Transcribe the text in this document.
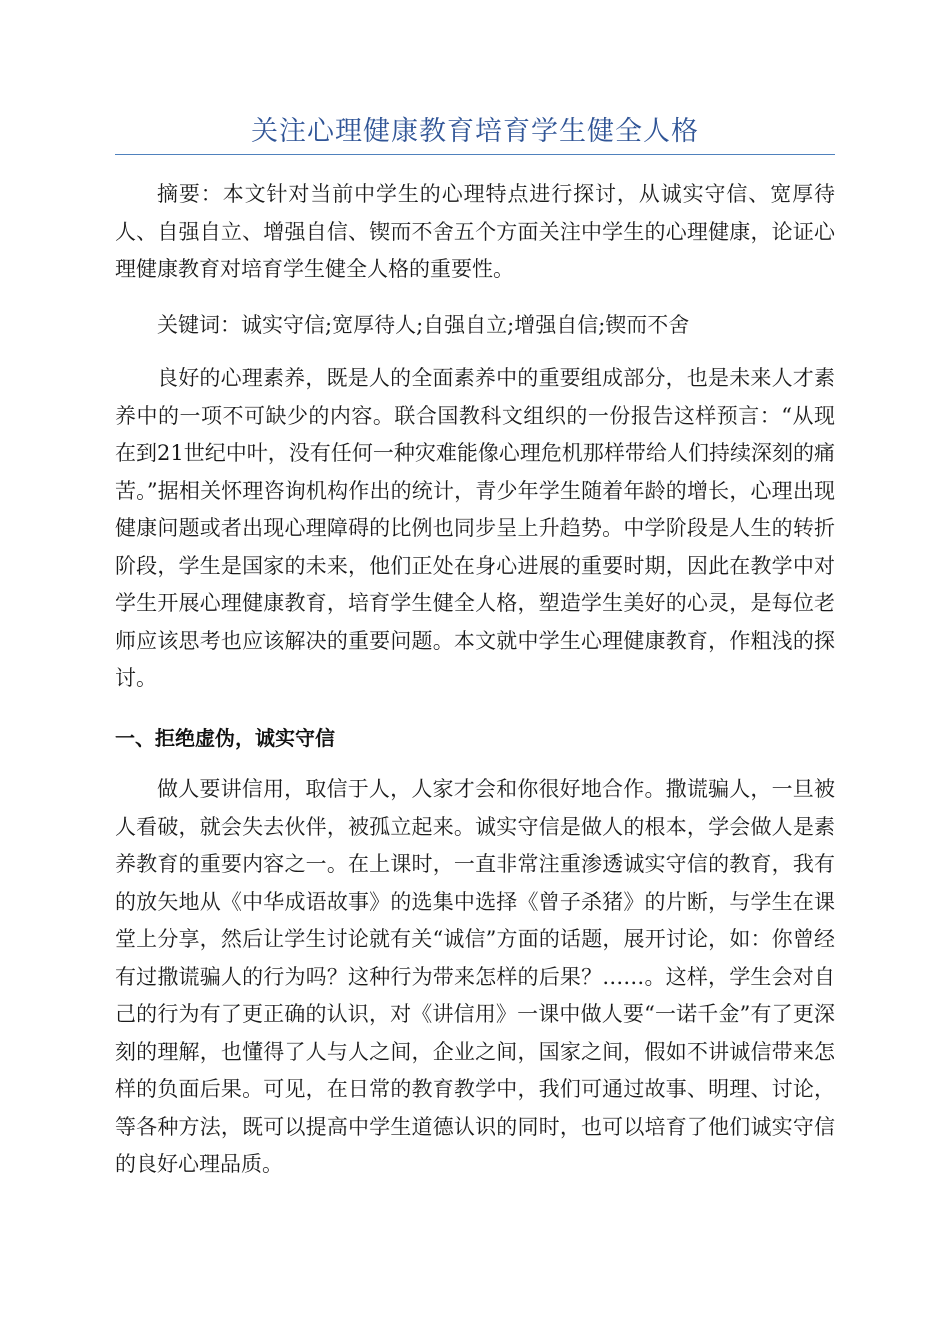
关注心理健康教育培育学生健全人格

摘要：本文针对当前中学生的心理特点进行探讨，从诚实守信、宽厚待人、自强自立、增强自信、锲而不舍五个方面关注中学生的心理健康，论证心理健康教育对培育学生健全人格的重要性。

关键词：诚实守信;宽厚待人;自强自立;增强自信;锲而不舍

良好的心理素养，既是人的全面素养中的重要组成部分，也是未来人才素养中的一项不可缺少的内容。联合国教科文组织的一份报告这样预言：“从现在到21世纪中叶，没有任何一种灾难能像心理危机那样带给人们持续深刻的痛苦。”据相关怀理咨询机构作出的统计，青少年学生随着年龄的增长，心理出现健康问题或者出现心理障碍的比例也同步呈上升趋势。中学阶段是人生的转折阶段，学生是国家的未来，他们正处在身心进展的重要时期，因此在教学中对学生开展心理健康教育，培育学生健全人格，塑造学生美好的心灵，是每位老师应该思考也应该解决的重要问题。本文就中学生心理健康教育，作粗浅的探讨。

一、拒绝虚伪，诚实守信

做人要讲信用，取信于人，人家才会和你很好地合作。撒谎骗人，一旦被人看破，就会失去伙伴，被孤立起来。诚实守信是做人的根本，学会做人是素养教育的重要内容之一。在上课时，一直非常注重渗透诚实守信的教育，我有的放矢地从《中华成语故事》的选集中选择《曾子杀猪》的片断，与学生在课堂上分享，然后让学生讨论就有关“诚信”方面的话题，展开讨论，如：你曾经有过撒谎骗人的行为吗？这种行为带来怎样的后果？……。这样，学生会对自己的行为有了更正确的认识，对《讲信用》一课中做人要“一诺千金”有了更深刻的理解，也懂得了人与人之间，企业之间，国家之间，假如不讲诚信带来怎样的负面后果。可见，在日常的教育教学中，我们可通过故事、明理、讨论，等各种方法，既可以提高中学生道德认识的同时，也可以培育了他们诚实守信的良好心理品质。
